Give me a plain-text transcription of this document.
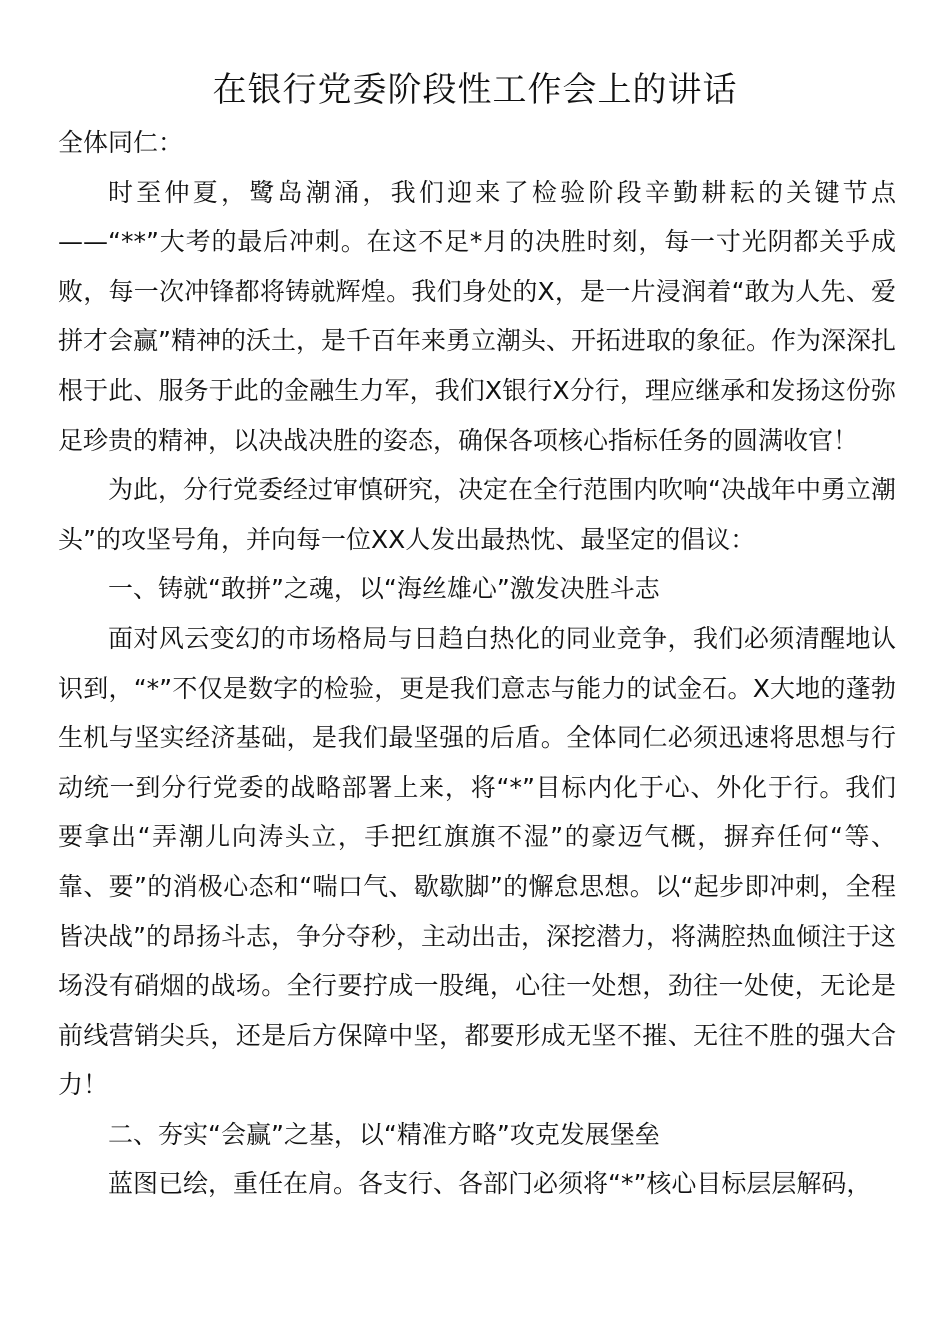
在银行党委阶段性工作会上的讲话

全体同仁：

时至仲夏，鹭岛潮涌，我们迎来了检验阶段辛勤耕耘的关键节点——“**”大考的最后冲刺。在这不足*月的决胜时刻，每一寸光阴都关乎成败，每一次冲锋都将铸就辉煌。我们身处的X，是一片浸润着“敢为人先、爱拼才会赢”精神的沃土，是千百年来勇立潮头、开拓进取的象征。作为深深扎根于此、服务于此的金融生力军，我们X银行X分行，理应继承和发扬这份弥足珍贵的精神，以决战决胜的姿态，确保各项核心指标任务的圆满收官！

为此，分行党委经过审慎研究，决定在全行范围内吹响“决战年中勇立潮头”的攻坚号角，并向每一位XX人发出最热忱、最坚定的倡议：

一、铸就“敢拼”之魂，以“海丝雄心”激发决胜斗志

面对风云变幻的市场格局与日趋白热化的同业竞争，我们必须清醒地认识到，“*”不仅是数字的检验，更是我们意志与能力的试金石。X大地的蓬勃生机与坚实经济基础，是我们最坚强的后盾。全体同仁必须迅速将思想与行动统一到分行党委的战略部署上来，将“*”目标内化于心、外化于行。我们要拿出“弄潮儿向涛头立，手把红旗旗不湿”的豪迈气概，摒弃任何“等、靠、要”的消极心态和“喘口气、歇歇脚”的懈怠思想。以“起步即冲刺，全程皆决战”的昂扬斗志，争分夺秒，主动出击，深挖潜力，将满腔热血倾注于这场没有硝烟的战场。全行要拧成一股绳，心往一处想，劲往一处使，无论是前线营销尖兵，还是后方保障中坚，都要形成无坚不摧、无往不胜的强大合力！

二、夯实“会赢”之基，以“精准方略”攻克发展堡垒

蓝图已绘，重任在肩。各支行、各部门必须将“*”核心目标层层解码，
